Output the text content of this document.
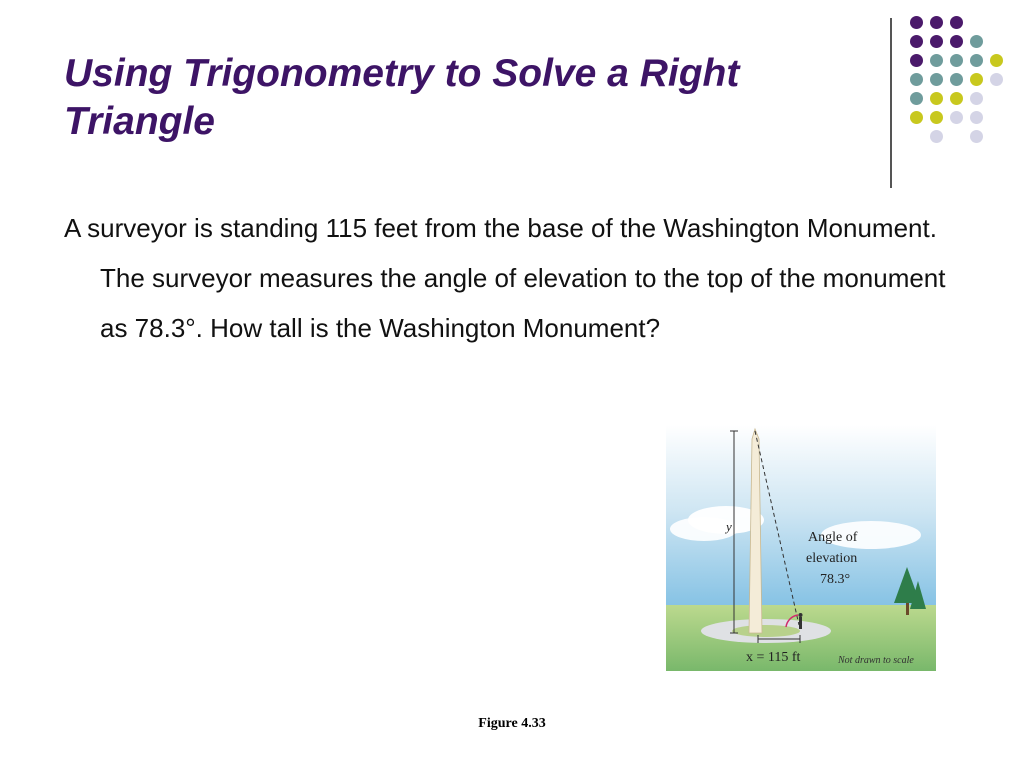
Using Trigonometry to Solve a Right Triangle

A surveyor is standing 115 feet from the base of the Washington Monument. The surveyor measures the angle of elevation to the top of the monument as 78.3°. How tall is the Washington Monument?

y
Angle of
elevation
78.3°
x = 115 ft	Not drawn to scale
Figure 4.33
